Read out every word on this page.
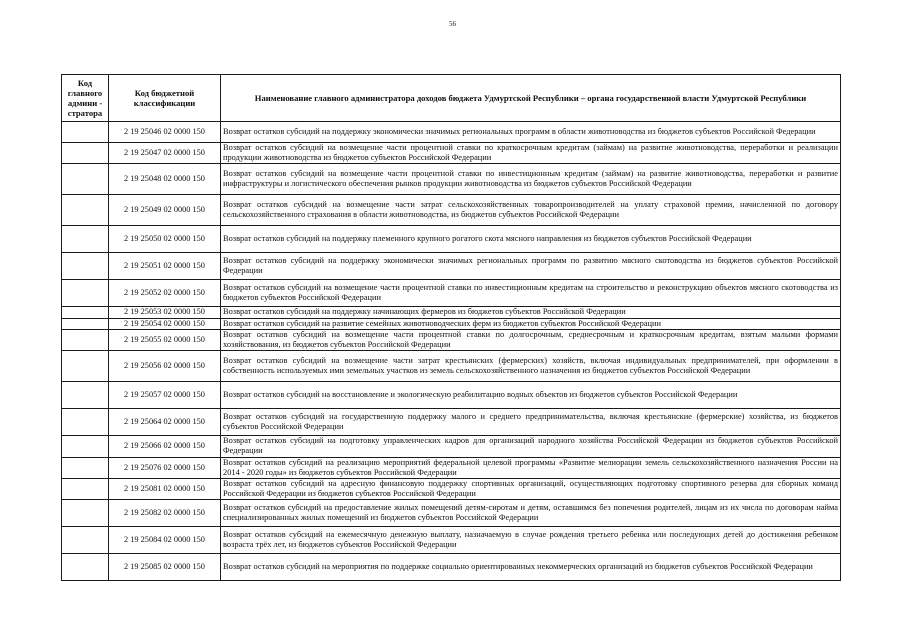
56
Код главного админи - стратора	Код бюджетной классификации	Наименование главного администратора доходов бюджета Удмуртской Республики – органа государственной власти Удмуртской Республики
	2 19 25046 02 0000 150	Возврат остатков субсидий на поддержку экономически значимых региональных программ в области животноводства из бюджетов субъектов Российской Федерации
	2 19 25047 02 0000 150	Возврат остатков субсидий на возмещение части процентной ставки по краткосрочным кредитам (займам) на развитие животноводства, переработки и реализации продукции животноводства из бюджетов субъектов Российской Федерации
	2 19 25048 02 0000 150	Возврат остатков субсидий на возмещение части процентной ставки по инвестиционным кредитам (займам) на развитие животноводства, переработки и развитие инфраструктуры и логистического обеспечения рынков продукции животноводства из бюджетов субъектов Российской Федерации
	2 19 25049 02 0000 150	Возврат остатков субсидий на возмещение части затрат сельскохозяйственных товаропроизводителей на уплату страховой премии, начисленной по договору сельскохозяйственного страхования в области животноводства, из бюджетов субъектов Российской Федерации
	2 19 25050 02 0000 150	Возврат остатков субсидий на поддержку племенного крупного рогатого скота мясного направления из бюджетов субъектов Российской Федерации
	2 19 25051 02 0000 150	Возврат остатков субсидий на поддержку экономически значимых региональных программ по развитию мясного скотоводства из бюджетов субъектов Российской Федерации
	2 19 25052 02 0000 150	Возврат остатков субсидий на возмещение части процентной ставки по инвестиционным кредитам на строительство и реконструкцию объектов мясного скотоводства из бюджетов субъектов Российской Федерации
	2 19 25053 02 0000 150	Возврат остатков субсидий на поддержку начинающих фермеров из бюджетов субъектов Российской Федерации
	2 19 25054 02 0000 150	Возврат остатков субсидий на развитие семейных животноводческих ферм из бюджетов субъектов Российской Федерации
	2 19 25055 02 0000 150	Возврат остатков субсидий на возмещение части процентной ставки по долгосрочным, среднесрочным и краткосрочным кредитам, взятым малыми формами хозяйствования, из бюджетов субъектов Российской Федерации
	2 19 25056 02 0000 150	Возврат остатков субсидий на возмещение части затрат крестьянских (фермерских) хозяйств, включая индивидуальных предпринимателей, при оформлении в собственность используемых ими земельных участков из земель сельскохозяйственного назначения из бюджетов субъектов Российской Федерации
	2 19 25057 02 0000 150	Возврат остатков субсидий на восстановление и экологическую реабилитацию водных объектов из бюджетов субъектов Российской Федерации
	2 19 25064 02 0000 150	Возврат остатков субсидий на государственную поддержку малого и среднего предпринимательства, включая крестьянские (фермерские) хозяйства, из бюджетов субъектов Российской Федерации
	2 19 25066 02 0000 150	Возврат остатков субсидий на подготовку управленческих кадров для организаций народного хозяйства Российской Федерации из бюджетов субъектов Российской Федерации
	2 19 25076 02 0000 150	Возврат остатков субсидий на реализацию мероприятий федеральной целевой программы «Развитие мелиорации земель сельскохозяйственного назначения России на 2014 - 2020 годы» из бюджетов субъектов Российской Федерации
	2 19 25081 02 0000 150	Возврат остатков субсидий на адресную финансовую поддержку спортивных организаций, осуществляющих подготовку спортивного резерва для сборных команд Российской Федерации из бюджетов субъектов Российской Федерации
	2 19 25082 02 0000 150	Возврат остатков субсидий на предоставление жилых помещений детям-сиротам и детям, оставшимся без попечения родителей, лицам из их числа по договорам найма специализированных жилых помещений из бюджетов субъектов Российской Федерации
	2 19 25084 02 0000 150	Возврат остатков субсидий на ежемесячную денежную выплату, назначаемую в случае рождения третьего ребенка или последующих детей до достижения ребенком возраста трёх лет, из бюджетов субъектов Российской Федерации
	2 19 25085 02 0000 150	Возврат остатков субсидий на мероприятия по поддержке социально ориентированных некоммерческих организаций из бюджетов субъектов Российской Федерации
